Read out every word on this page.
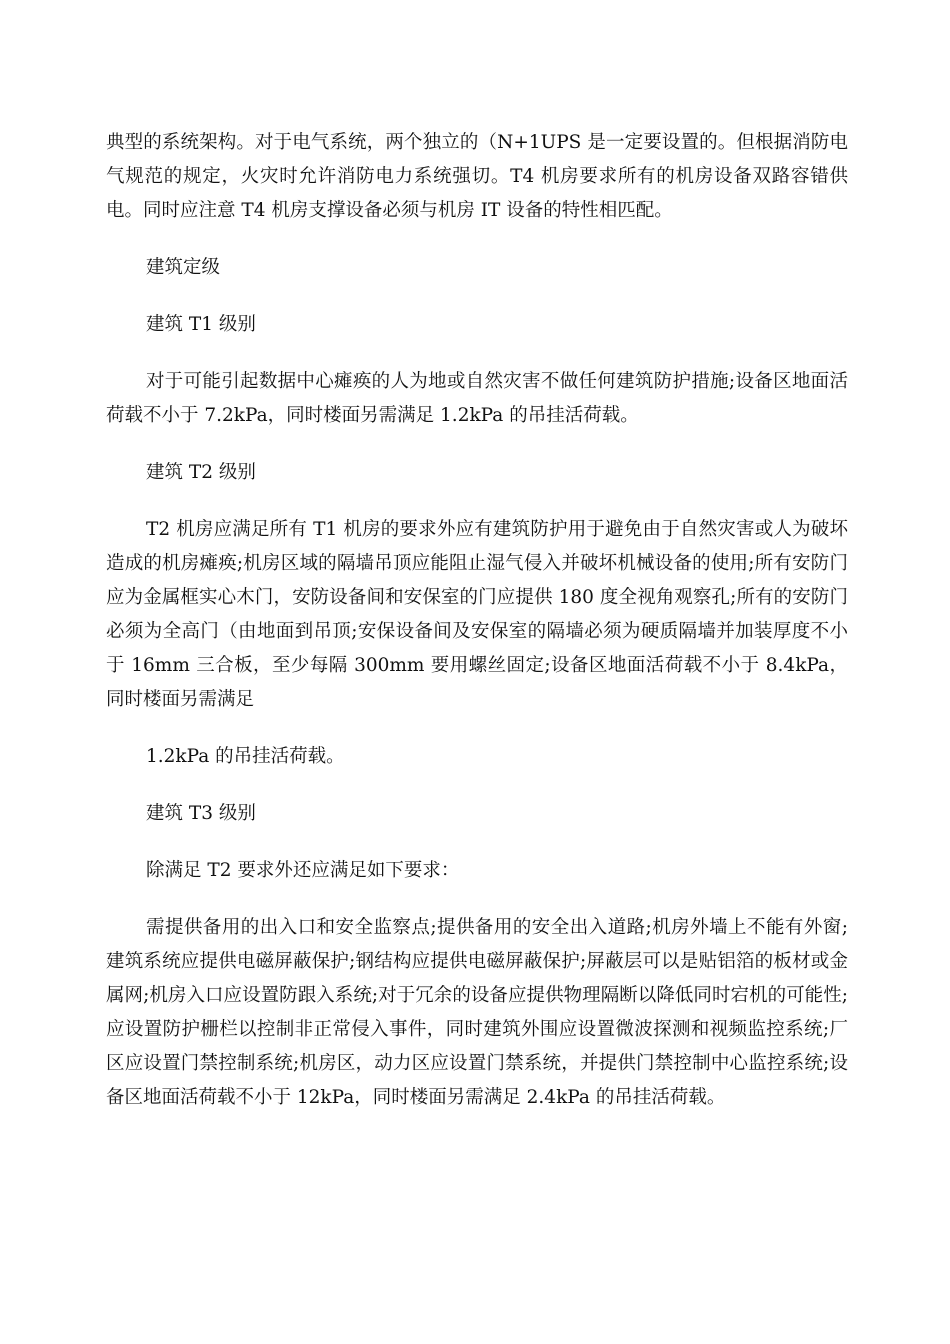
典型的系统架构。对于电气系统，两个独立的（N+1UPS 是一定要设置的。但根据消防电气规范的规定，火灾时允许消防电力系统强切。T4 机房要求所有的机房设备双路容错供电。同时应注意 T4 机房支撑设备必须与机房 IT 设备的特性相匹配。

建筑定级

建筑 T1 级别

对于可能引起数据中心瘫痪的人为地或自然灾害不做任何建筑防护措施;设备区地面活荷载不小于 7.2kPa，同时楼面另需满足 1.2kPa 的吊挂活荷载。

建筑 T2 级别

T2 机房应满足所有 T1 机房的要求外应有建筑防护用于避免由于自然灾害或人为破坏造成的机房瘫痪;机房区域的隔墙吊顶应能阻止湿气侵入并破坏机械设备的使用;所有安防门应为金属框实心木门，安防设备间和安保室的门应提供 180 度全视角观察孔;所有的安防门必须为全高门（由地面到吊顶;安保设备间及安保室的隔墙必须为硬质隔墙并加装厚度不小于 16mm 三合板，至少每隔 300mm 要用螺丝固定;设备区地面活荷载不小于 8.4kPa，同时楼面另需满足

1.2kPa 的吊挂活荷载。

建筑 T3 级别

除满足 T2 要求外还应满足如下要求：

需提供备用的出入口和安全监察点;提供备用的安全出入道路;机房外墙上不能有外窗;建筑系统应提供电磁屏蔽保护;钢结构应提供电磁屏蔽保护;屏蔽层可以是贴铝箔的板材或金属网;机房入口应设置防跟入系统;对于冗余的设备应提供物理隔断以降低同时宕机的可能性;应设置防护栅栏以控制非正常侵入事件，同时建筑外围应设置微波探测和视频监控系统;厂区应设置门禁控制系统;机房区，动力区应设置门禁系统，并提供门禁控制中心监控系统;设备区地面活荷载不小于 12kPa，同时楼面另需满足 2.4kPa 的吊挂活荷载。
